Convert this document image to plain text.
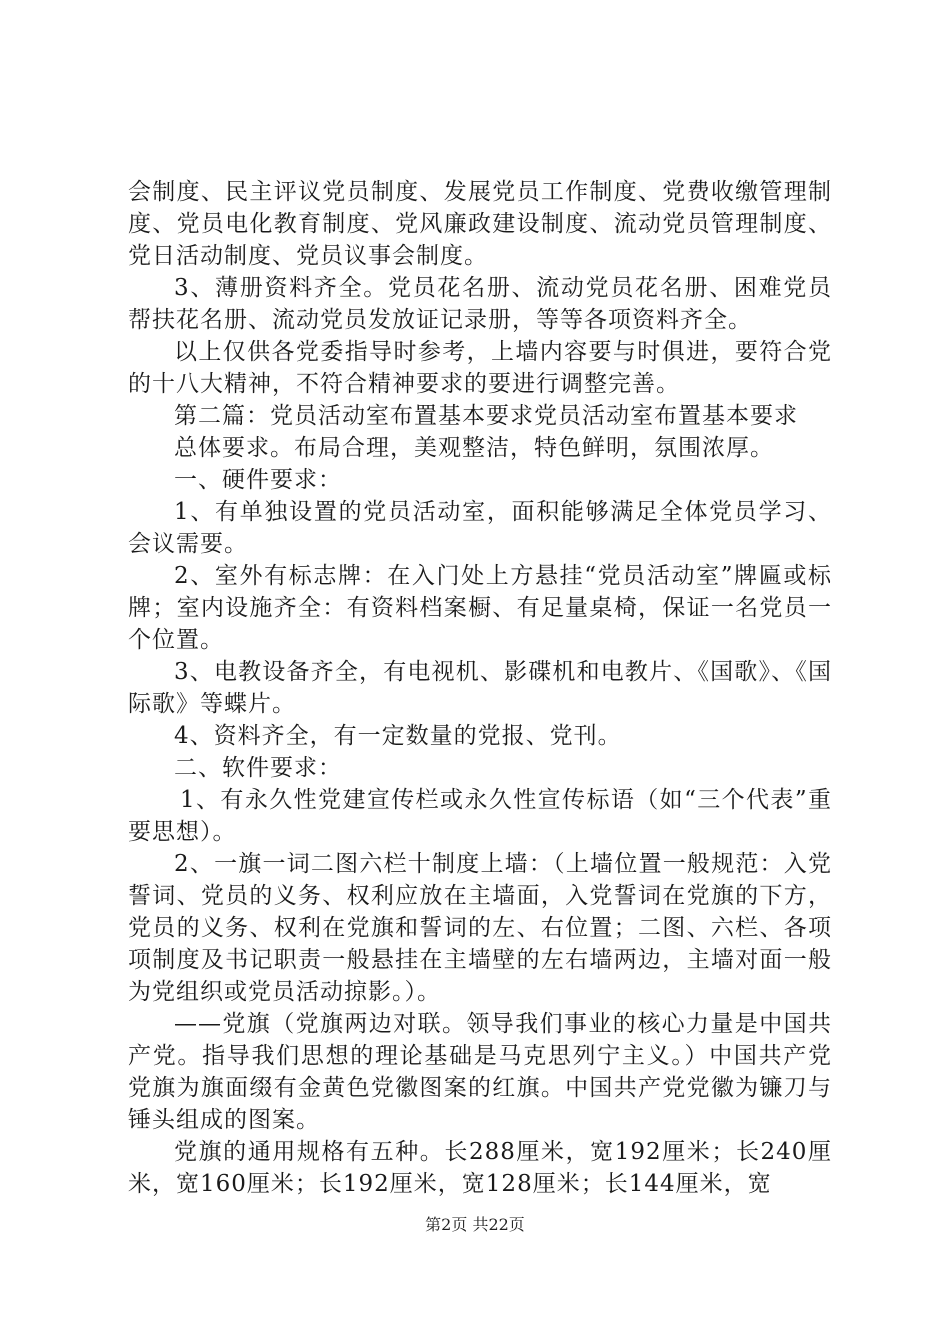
会制度、民主评议党员制度、发展党员工作制度、党费收缴管理制度、党员电化教育制度、党风廉政建设制度、流动党员管理制度、党日活动制度、党员议事会制度。

3、薄册资料齐全。党员花名册、流动党员花名册、困难党员帮扶花名册、流动党员发放证记录册，等等各项资料齐全。

以上仅供各党委指导时参考，上墙内容要与时俱进，要符合党的十八大精神，不符合精神要求的要进行调整完善。

第二篇：党员活动室布置基本要求党员活动室布置基本要求

总体要求。布局合理，美观整洁，特色鲜明，氛围浓厚。

一、硬件要求：

1、有单独设置的党员活动室，面积能够满足全体党员学习、会议需要。

2、室外有标志牌：在入门处上方悬挂“党员活动室”牌匾或标牌；室内设施齐全：有资料档案橱、有足量桌椅，保证一名党员一个位置。

3、电教设备齐全，有电视机、影碟机和电教片、《国歌》、《国际歌》等蝶片。

4、资料齐全，有一定数量的党报、党刊。

二、软件要求：

1、有永久性党建宣传栏或永久性宣传标语（如“三个代表”重要思想）。

2、一旗一词二图六栏十制度上墙：（上墙位置一般规范：入党誓词、党员的义务、权利应放在主墙面，入党誓词在党旗的下方，党员的义务、权利在党旗和誓词的左、右位置；二图、六栏、各项项制度及书记职责一般悬挂在主墙壁的左右墙两边，主墙对面一般为党组织或党员活动掠影。）。

——党旗（党旗两边对联。领导我们事业的核心力量是中国共产党。指导我们思想的理论基础是马克思列宁主义。）中国共产党党旗为旗面缀有金黄色党徽图案的红旗。中国共产党党徽为镰刀与锤头组成的图案。

党旗的通用规格有五种。长288厘米，宽192厘米；长240厘米，宽160厘米；长192厘米，宽128厘米；长144厘米，宽

第2页 共22页
